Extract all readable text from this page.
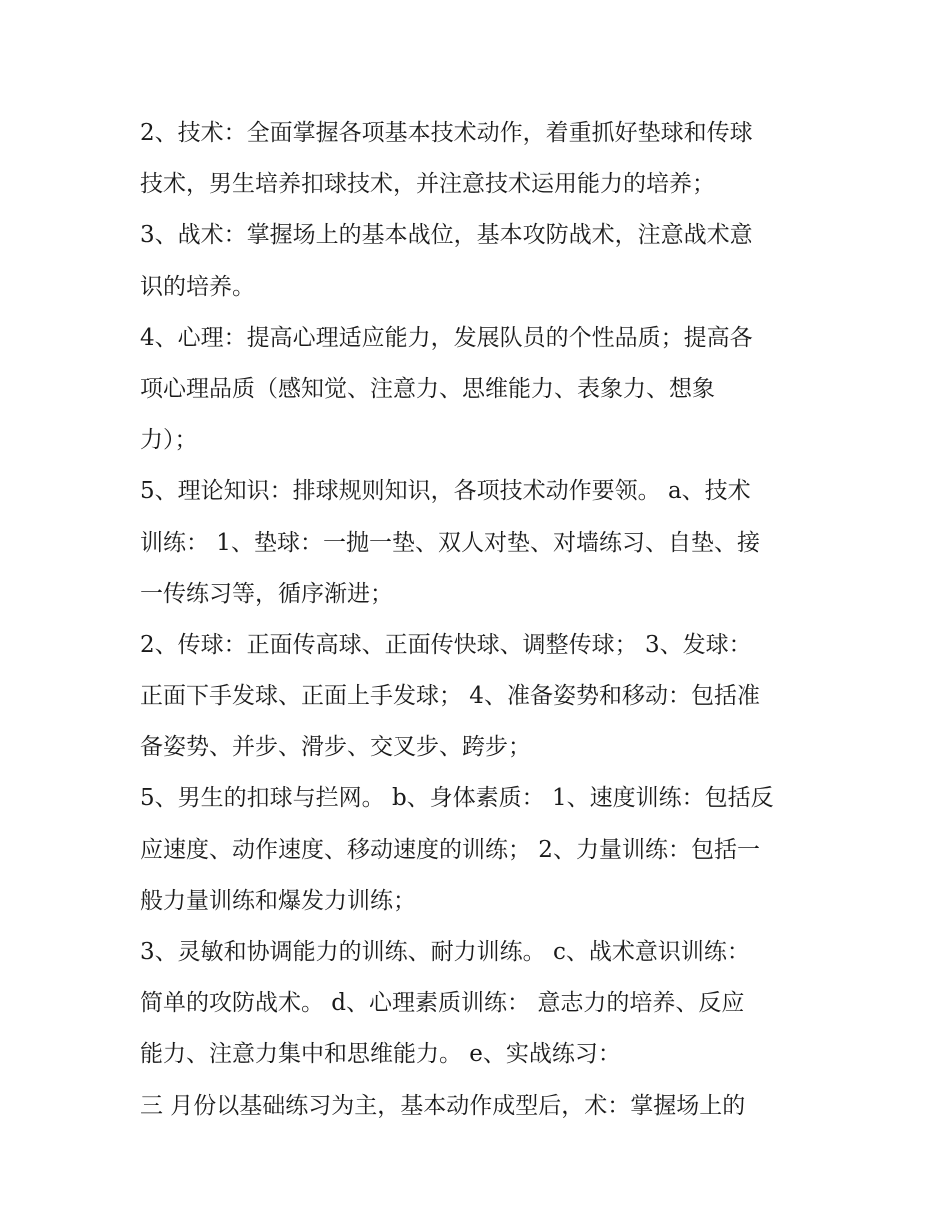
2、技术：全面掌握各项基本技术动作，着重抓好垫球和传球
技术，男生培养扣球技术，并注意技术运用能力的培养；
3、战术：掌握场上的基本战位，基本攻防战术，注意战术意
识的培养。
4、心理：提高心理适应能力，发展队员的个性品质；提高各
项心理品质（感知觉、注意力、思维能力、表象力、想象
力）；
5、理论知识：排球规则知识，各项技术动作要领。 a、技术
训练： 1、垫球：一抛一垫、双人对垫、对墙练习、自垫、接
一传练习等，循序渐进；
2、传球：正面传高球、正面传快球、调整传球； 3、发球：
正面下手发球、正面上手发球； 4、准备姿势和移动：包括准
备姿势、并步、滑步、交叉步、跨步；
5、男生的扣球与拦网。 b、身体素质： 1、速度训练：包括反
应速度、动作速度、移动速度的训练； 2、力量训练：包括一
般力量训练和爆发力训练；
3、灵敏和协调能力的训练、耐力训练。 c、战术意识训练：
简单的攻防战术。 d、心理素质训练： 意志力的培养、反应
能力、注意力集中和思维能力。 e、实战练习：
三 月份以基础练习为主，基本动作成型后，术：掌握场上的
